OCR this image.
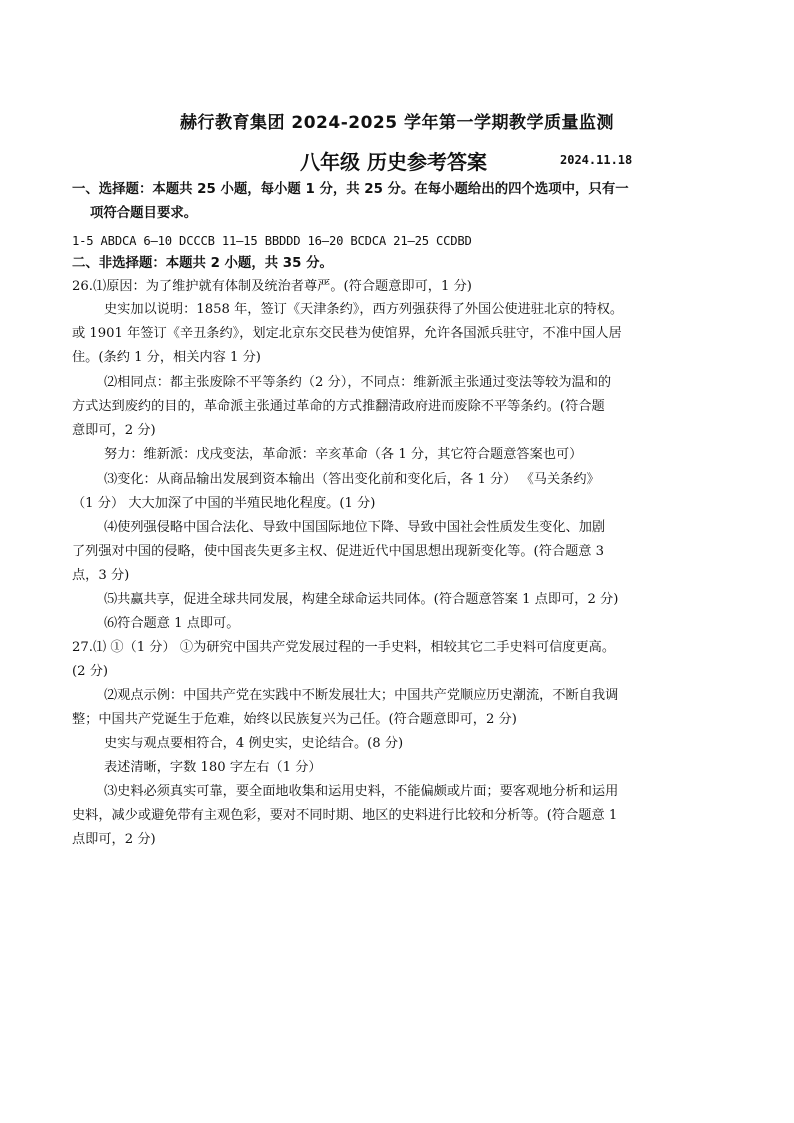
赫行教育集团 2024-2025 学年第一学期教学质量监测
八年级 历史参考答案	2024.11.18
一、选择题：本题共 25 小题，每小题 1 分，共 25 分。在每小题给出的四个选项中，只有一
项符合题目要求。
1-5 ABDCA 6—10 DCCCB 11—15 BBDDD 16—20 BCDCA 21—25 CCDBD
二、非选择题：本题共 2 小题，共 35 分。
26.⑴原因：为了维护就有体制及统治者尊严。(符合题意即可，1 分)
史实加以说明：1858 年，签订《天津条约》，西方列强获得了外国公使进驻北京的特权。
或 1901 年签订《辛丑条约》，划定北京东交民巷为使馆界，允许各国派兵驻守，不准中国人居
住。(条约 1 分，相关内容 1 分)
⑵相同点：都主张废除不平等条约（2 分），不同点：维新派主张通过变法等较为温和的
方式达到废约的目的，革命派主张通过革命的方式推翻清政府进而废除不平等条约。(符合题
意即可，2 分)
努力：维新派：戊戌变法，革命派：辛亥革命（各 1 分，其它符合题意答案也可）
⑶变化：从商品输出发展到资本输出（答出变化前和变化后，各 1 分） 《马关条约》
（1 分） 大大加深了中国的半殖民地化程度。(1 分)
⑷使列强侵略中国合法化、导致中国国际地位下降、导致中国社会性质发生变化、加剧
了列强对中国的侵略，使中国丧失更多主权、促进近代中国思想出现新变化等。(符合题意 3
点，3 分)
⑸共赢共享，促进全球共同发展，构建全球命运共同体。(符合题意答案 1 点即可，2 分)
⑹符合题意 1 点即可。
27.⑴ ①（1 分） ①为研究中国共产党发展过程的一手史料，相较其它二手史料可信度更高。
(2 分)
⑵观点示例：中国共产党在实践中不断发展壮大；中国共产党顺应历史潮流，不断自我调
整；中国共产党诞生于危难，始终以民族复兴为己任。(符合题意即可，2 分)
史实与观点要相符合，4 例史实，史论结合。(8 分)
表述清晰，字数 180 字左右（1 分）
⑶史料必须真实可靠，要全面地收集和运用史料，不能偏颇或片面；要客观地分析和运用
史料，减少或避免带有主观色彩，要对不同时期、地区的史料进行比较和分析等。(符合题意 1
点即可，2 分)
